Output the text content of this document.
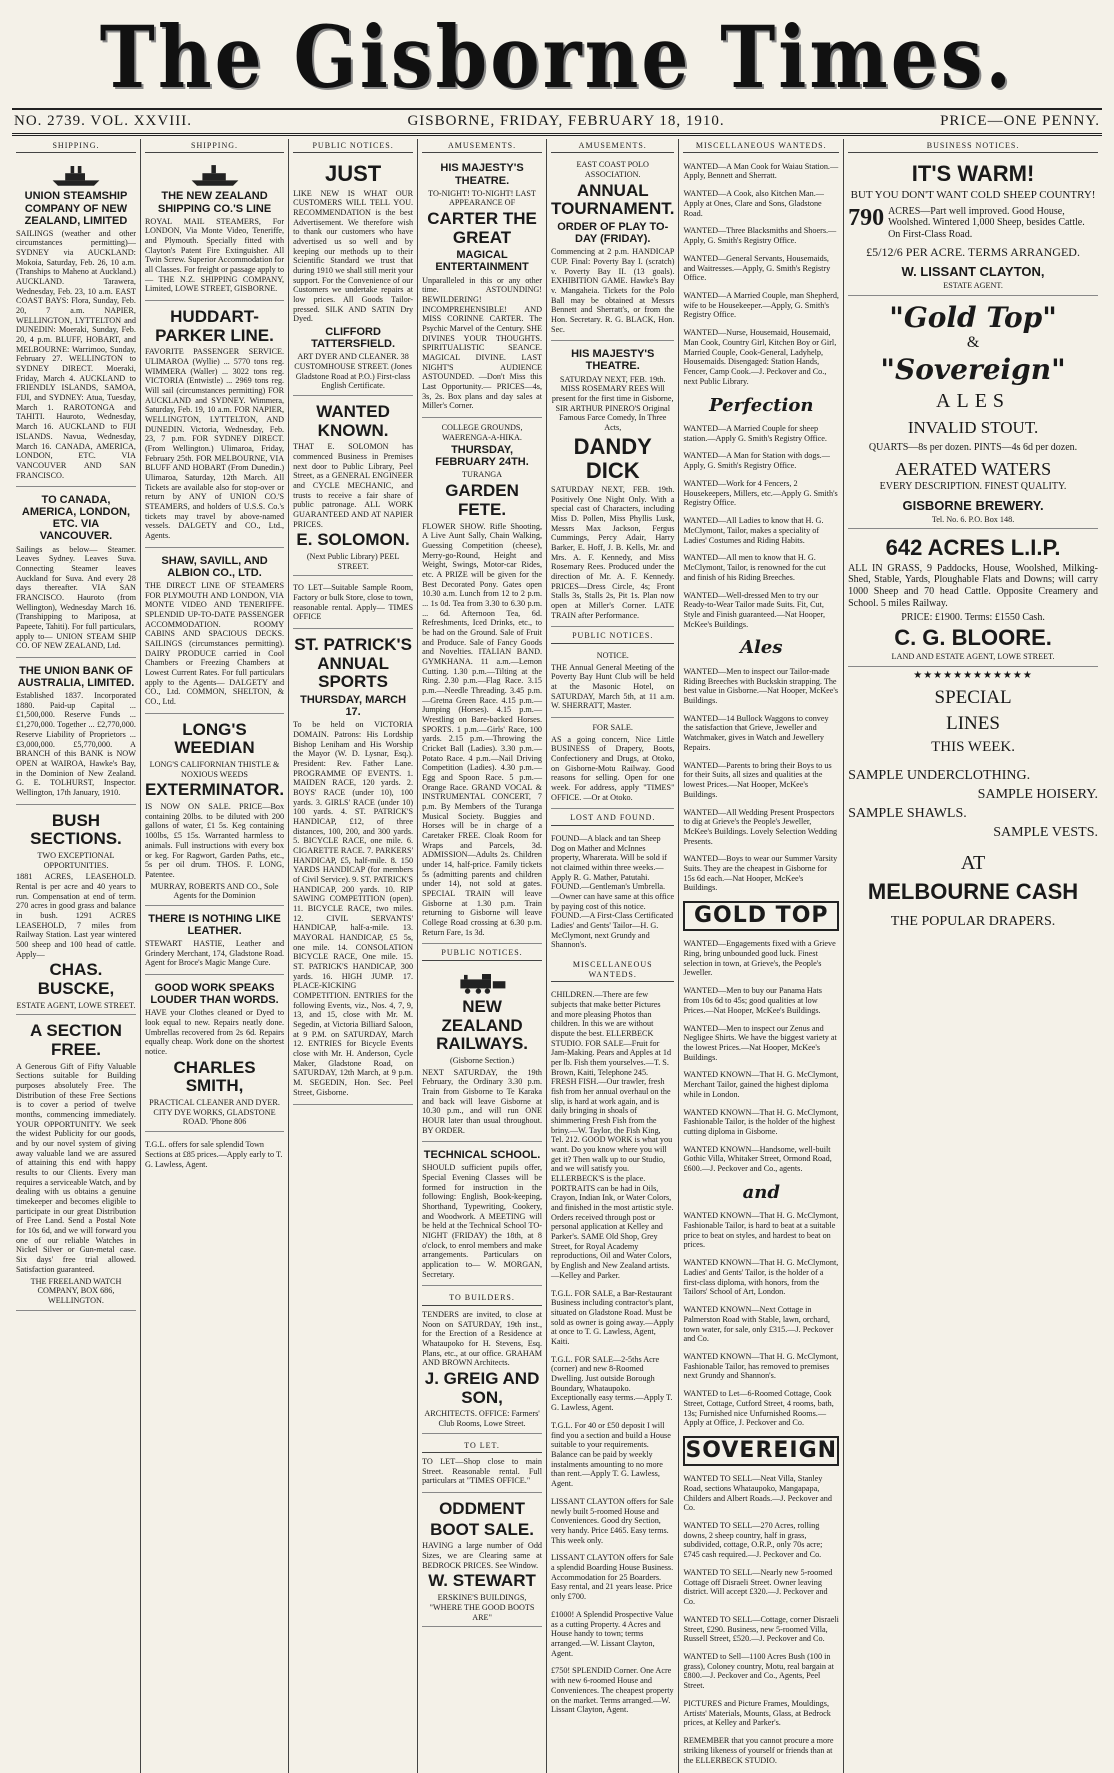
The Gisborne Times.
NO. 2739. VOL. XXVIII.	GISBORNE, FRIDAY, FEBRUARY 18, 1910.	PRICE—ONE PENNY.
SHIPPING.
UNION STEAMSHIP COMPANY OF NEW ZEALAND, LIMITED

SAILINGS (weather and other circumstances permitting)— SYDNEY via AUCKLAND: Mokoia, Saturday, Feb. 26, 10 a.m. (Tranships to Maheno at Auckland.) AUCKLAND. Tarawera, Wednesday, Feb. 23, 10 a.m. EAST COAST BAYS: Flora, Sunday, Feb. 20, 7 a.m. NAPIER, WELLINGTON, LYTTELTON and DUNEDIN: Moeraki, Sunday, Feb. 20, 4 p.m. BLUFF, HOBART, and MELBOURNE: Warrimoo, Sunday, February 27. WELLINGTON to SYDNEY DIRECT. Moeraki, Friday, March 4. AUCKLAND to FRIENDLY ISLANDS, SAMOA, FIJI, and SYDNEY: Atua, Tuesday, March 1. RAROTONGA and TAHITI. Hauroto, Wednesday, March 16. AUCKLAND to FIJI ISLANDS. Navua, Wednesday, March 16. CANADA, AMERICA, LONDON, ETC. VIA VANCOUVER AND SAN FRANCISCO.

TO CANADA, AMERICA, LONDON, ETC. VIA VANCOUVER.

Sailings as below— Steamer. Leaves Sydney. Leaves Suva. Connecting Steamer leaves Auckland for Suva. And every 28 days thereafter. VIA SAN FRANCISCO. Hauroto (from Wellington), Wednesday March 16. (Transhipping to Mariposa, at Papeete, Tahiti). For full particulars, apply to— UNION STEAM SHIP CO. OF NEW ZEALAND, Ltd.

THE UNION BANK OF AUSTRALIA, LIMITED.

Established 1837. Incorporated 1880. Paid-up Capital ... £1,500,000. Reserve Funds ... £1,270,000. Together ... £2,770,000. Reserve Liability of Proprietors ... £3,000,000. £5,770,000. A BRANCH of this BANK is NOW OPEN at WAIROA, Hawke's Bay, in the Dominion of New Zealand. G. E. TOLHURST, Inspector. Wellington, 17th January, 1910.

BUSH SECTIONS.
TWO EXCEPTIONAL OPPORTUNITIES.

1881 ACRES, LEASEHOLD. Rental is per acre and 40 years to run. Compensation at end of term. 270 acres in good grass and balance in bush. 1291 ACRES LEASEHOLD, 7 miles from Railway Station. Last year wintered 500 sheep and 100 head of cattle. Apply—

CHAS. BUSCKE,
ESTATE AGENT, LOWE STREET.
A SECTION FREE.

A Generous Gift of Fifty Valuable Sections suitable for Building purposes absolutely Free. The Distribution of these Free Sections is to cover a period of twelve months, commencing immediately. YOUR OPPORTUNITY. We seek the widest Publicity for our goods, and by our novel system of giving away valuable land we are assured of attaining this end with happy results to our Clients. Every man requires a serviceable Watch, and by dealing with us obtains a genuine timekeeper and becomes eligible to participate in our great Distribution of Free Land. Send a Postal Note for 10s 6d, and we will forward you one of our reliable Watches in Nickel Silver or Gun-metal case. Six days' free trial allowed. Satisfaction guaranteed.

THE FREELAND WATCH COMPANY, BOX 686, WELLINGTON.
SHIPPING.
THE NEW ZEALAND SHIPPING CO.'S LINE

ROYAL MAIL STEAMERS, For LONDON, Via Monte Video, Teneriffe, and Plymouth. Specially fitted with Clayton's Patent Fire Extinguisher. All Twin Screw. Superior Accommodation for all Classes. For freight or passage apply to— THE N.Z. SHIPPING COMPANY, Limited, LOWE STREET, GISBORNE.

HUDDART-PARKER LINE.

FAVORITE PASSENGER SERVICE. ULIMAROA (Wyllie) ... 5770 tons reg. WIMMERA (Waller) ... 3022 tons reg. VICTORIA (Entwistle) ... 2969 tons reg. Will sail (circumstances permitting) FOR AUCKLAND and SYDNEY. Wimmera, Saturday, Feb. 19, 10 a.m. FOR NAPIER, WELLINGTON, LYTTELTON, AND DUNEDIN. Victoria, Wednesday, Feb. 23, 7 p.m. FOR SYDNEY DIRECT. (From Wellington.) Ulimaroa, Friday, February 25th. FOR MELBOURNE, VIA BLUFF AND HOBART (From Dunedin.) Ulimaroa, Saturday, 12th March. All Tickets are available also for stop-over or return by ANY of UNION CO.'S STEAMERS, and holders of U.S.S. Co.'s tickets may travel by above-named vessels. DALGETY and CO., Ltd., Agents.

SHAW, SAVILL, AND ALBION CO., LTD.

THE DIRECT LINE OF STEAMERS FOR PLYMOUTH AND LONDON, VIA MONTE VIDEO AND TENERIFFE. SPLENDID UP-TO-DATE PASSENGER ACCOMMODATION. ROOMY CABINS AND SPACIOUS DECKS. SAILINGS (circumstances permitting). DAIRY PRODUCE carried in Cool Chambers or Freezing Chambers at Lowest Current Rates. For full particulars apply to the Agents— DALGETY and CO., Ltd. COMMON, SHELTON, & CO., Ltd.

LONG'S WEEDIAN
LONG'S CALIFORNIAN THISTLE & NOXIOUS WEEDS
EXTERMINATOR.

IS NOW ON SALE. PRICE—Box containing 20lbs. to be diluted with 200 gallons of water, £1 5s. Keg containing 100lbs, £5 15s. Warranted harmless to animals. Full instructions with every box or keg. For Ragwort, Garden Paths, etc., 5s per oil drum. THOS. F. LONG, Patentee.

MURRAY, ROBERTS AND CO., Sole Agents for the Dominion
THERE IS NOTHING LIKE LEATHER.

STEWART HASTIE, Leather and Grindery Merchant, 174, Gladstone Road. Agent for Broce's Magic Mange Cure.

GOOD WORK SPEAKS LOUDER THAN WORDS.

HAVE your Clothes cleaned or Dyed to look equal to new. Repairs neatly done. Umbrellas recovered from 2s 6d. Repairs equally cheap. Work done on the shortest notice.

CHARLES SMITH,
PRACTICAL CLEANER AND DYER. CITY DYE WORKS, GLADSTONE ROAD. 'Phone 806

T.G.L. offers for sale splendid Town Sections at £85 prices.—Apply early to T. G. Lawless, Agent.

PUBLIC NOTICES.
JUST

LIKE NEW IS WHAT OUR CUSTOMERS WILL TELL YOU. RECOMMENDATION is the best Advertisement. We therefore wish to thank our customers who have advertised us so well and by keeping our methods up to their Scientific Standard we trust that during 1910 we shall still merit your support. For the Convenience of our Customers we undertake repairs at low prices. All Goods Tailor-pressed. SILK AND SATIN Dry Dyed.

CLIFFORD TATTERSFIELD.
ART DYER AND CLEANER. 38 CUSTOMHOUSE STREET. (Jones Gladstone Road at P.O.) First-class English Certificate.
WANTED KNOWN.

THAT E. SOLOMON has commenced Business in Premises next door to Public Library, Peel Street, as a GENERAL ENGINEER and CYCLE MECHANIC, and trusts to receive a fair share of public patronage. ALL WORK GUARANTEED AND AT NAPIER PRICES.

E. SOLOMON.
(Next Public Library) PEEL STREET.

TO LET—Suitable Sample Room, Factory or bulk Store, close to town, reasonable rental. Apply— TIMES OFFICE

ST. PATRICK'S ANNUAL SPORTS
THURSDAY, MARCH 17.

To be held on VICTORIA DOMAIN. Patrons: His Lordship Bishop Leniham and His Worship the Mayor (W. D. Lysnar, Esq.). President: Rev. Father Lane. PROGRAMME OF EVENTS. 1. MAIDEN RACE, 120 yards. 2. BOYS' RACE (under 10), 100 yards. 3. GIRLS' RACE (under 10) 100 yards. 4. ST. PATRICK'S HANDICAP, £12, of three distances, 100, 200, and 300 yards. 5. BICYCLE RACE, one mile. 6. CIGARETTE RACE. 7. PARKERS' HANDICAP, £5, half-mile. 8. 150 YARDS HANDICAP (for members of Civil Service). 9. ST. PATRICK'S HANDICAP, 200 yards. 10. RIP SAWING COMPETITION (open). 11. BICYCLE RACE, two miles. 12. CIVIL SERVANTS' HANDICAP, half-a-mile. 13. MAYORAL HANDICAP, £5 5s, one mile. 14. CONSOLATION BICYCLE RACE, One mile. 15. ST. PATRICK'S HANDICAP, 300 yards. 16. HIGH JUMP. 17. PLACE-KICKING COMPETITION. ENTRIES for the following Events, viz., Nos. 4, 7, 9, 13, and 15, close with Mr. M. Segedin, at Victoria Billiard Saloon, at 9 P.M. on SATURDAY, March 12. ENTRIES for Bicycle Events close with Mr. H. Anderson, Cycle Maker, Gladstone Road, on SATURDAY, 12th March, at 9 p.m. M. SEGEDIN, Hon. Sec. Peel Street, Gisborne.

AMUSEMENTS.
HIS MAJESTY'S THEATRE.
TO-NIGHT! TO-NIGHT! LAST APPEARANCE OF
CARTER THE GREAT
MAGICAL ENTERTAINMENT

Unparalleled in this or any other time. ASTOUNDING! BEWILDERING! INCOMPREHENSIBLE! AND MISS CORINNE CARTER. The Psychic Marvel of the Century. SHE DIVINES YOUR THOUGHTS. SPIRITUALISTIC SEANCE. MAGICAL DIVINE. LAST NIGHT'S AUDIENCE ASTOUNDED. —Don't Miss this Last Opportunity.— PRICES—4s, 3s, 2s. Box plans and day sales at Miller's Corner.

COLLEGE GROUNDS, WAERENGA-A-HIKA.
THURSDAY, FEBRUARY 24TH.
TURANGA
GARDEN FETE.

FLOWER SHOW. Rifle Shooting, A Live Aunt Sally, Chain Walking, Guessing Competition (cheese), Merry-go-Round, Height and Weight, Swings, Motor-car Rides, etc. A PRIZE will be given for the Best Decorated Pony. Gates open 10.30 a.m. Lunch from 12 to 2 p.m. ... 1s 0d. Tea from 3.30 to 6.30 p.m. ... 6d. Afternoon Tea, 6d. Refreshments, Iced Drinks, etc., to be had on the Ground. Sale of Fruit and Produce. Sale of Fancy Goods and Novelties. ITALIAN BAND. GYMKHANA. 11 a.m.—Lemon Cutting. 1.30 p.m.—Tilting at the Ring. 2.30 p.m.—Flag Race. 3.15 p.m.—Needle Threading. 3.45 p.m.—Gretna Green Race. 4.15 p.m.—Jumping (Horses). 4.15 p.m.—Wrestling on Bare-backed Horses. SPORTS. 1 p.m.—Girls' Race, 100 yards. 2.15 p.m.—Throwing the Cricket Ball (Ladies). 3.30 p.m.—Potato Race. 4 p.m.—Nail Driving Competition (Ladies). 4.30 p.m.—Egg and Spoon Race. 5 p.m.—Orange Race. GRAND VOCAL & INSTRUMENTAL CONCERT, 7 p.m. By Members of the Turanga Musical Society. Buggies and Horses will be in charge of a Caretaker FREE. Cloak Room for Wraps and Parcels, 3d. ADMISSION—Adults 2s. Children under 14, half-price. Family tickets 5s (admitting parents and children under 14), not sold at gates. SPECIAL TRAIN will leave Gisborne at 1.30 p.m. Train returning to Gisborne will leave College Road crossing at 6.30 p.m. Return Fare, 1s 3d.

PUBLIC NOTICES.
NEW ZEALAND RAILWAYS.
(Gisborne Section.)

NEXT SATURDAY, the 19th February, the Ordinary 3.30 p.m. Train from Gisborne to Te Karaka and back will leave Gisborne at 10.30 p.m., and will run ONE HOUR later than usual throughout. BY ORDER.

TECHNICAL SCHOOL.

SHOULD sufficient pupils offer, Special Evening Classes will be formed for instruction in the following: English, Book-keeping, Shorthand, Typewriting, Cookery, and Woodwork. A MEETING will be held at the Technical School TO-NIGHT (FRIDAY) the 18th, at 8 o'clock, to enrol members and make arrangements. Particulars on application to— W. MORGAN, Secretary.

TO BUILDERS.

TENDERS are invited, to close at Noon on SATURDAY, 19th inst., for the Erection of a Residence at Whataupoko for H. Stevens, Esq. Plans, etc., at our office. GRAHAM AND BROWN Architects.

J. GREIG AND SON,
ARCHITECTS. OFFICE: Farmers' Club Rooms, Lowe Street.
TO LET.

TO LET—Shop close to main Street. Reasonable rental. Full particulars at "TIMES OFFICE."

ODDMENT
BOOT SALE.

HAVING a large number of Odd Sizes, we are Clearing same at BEDROCK PRICES. See Window.

W. STEWART
ERSKINE'S BUILDINGS, "WHERE THE GOOD BOOTS ARE"
AMUSEMENTS.
EAST COAST POLO ASSOCIATION.
ANNUAL TOURNAMENT.
ORDER OF PLAY TO-DAY (FRIDAY).

Commencing at 2 p.m. HANDICAP CUP. Final: Poverty Bay I. (scratch) v. Poverty Bay II. (13 goals). EXHIBITION GAME. Hawke's Bay v. Mangaheia. Tickets for the Polo Ball may be obtained at Messrs Bennett and Sherratt's, or from the Hon. Secretary. R. G. BLACK, Hon. Sec.

HIS MAJESTY'S THEATRE.

SATURDAY NEXT, FEB. 19th. MISS ROSEMARY REES Will present for the first time in Gisborne, SIR ARTHUR PINERO'S Original Famous Farce Comedy, In Three Acts,

DANDY DICK

SATURDAY NEXT, FEB. 19th. Positively One Night Only. With a special cast of Characters, including Miss D. Pollen, Miss Phyllis Lusk, Messrs Max Jackson, Fergus Cummings, Percy Adair, Harry Barker, E. Hoff, J. B. Kells, Mr. and Mrs. A. F. Kennedy, and Miss Rosemary Rees. Produced under the direction of Mr. A. F. Kennedy. PRICES—Dress Circle, 4s; Front Stalls 3s, Stalls 2s, Pit 1s. Plan now open at Miller's Corner. LATE TRAIN after Performance.

PUBLIC NOTICES.
NOTICE.

THE Annual General Meeting of the Poverty Bay Hunt Club will be held at the Masonic Hotel, on SATURDAY, March 5th, at 11 a.m. W. SHERRATT, Master.

FOR SALE.

AS a going concern, Nice Little BUSINESS of Drapery, Boots, Confectionery and Drugs, at Otoko, on Gisborne-Motu Railway. Good reasons for selling. Open for one week. For address, apply "TIMES" OFFICE. —Or at Otoko.

LOST AND FOUND.

FOUND—A black and tan Sheep Dog on Mather and McInnes property, Wharerata. Will be sold if not claimed within three weeks.—Apply R. G. Mather, Patutahi. FOUND.—Gentleman's Umbrella. —Owner can have same at this office by paying cost of this notice. FOUND.—A First-Class Certificated Ladies' and Gents' Tailor—H. G. McClymont, next Grundy and Shannon's.

MISCELLANEOUS WANTEDS.

CHILDREN.—There are few subjects that make better Pictures and more pleasing Photos than children. In this we are without dispute the best. ELLERBECK STUDIO. FOR SALE—Fruit for Jam-Making. Pears and Apples at 1d per lb. Fish them yourselves.—T. S. Brown, Kaiti, Telephone 245. FRESH FISH.—Our trawler, fresh fish from her annual overhaul on the slip, is hard at work again, and is daily bringing in shoals of shimmering Fresh Fish from the briny.—W. Taylor, the Fish King, Tel. 212. GOOD WORK is what you want. Do you know where you will get it? Then walk up to our Studio, and we will satisfy you. ELLERBECK'S is the place. PORTRAITS can be had in Oils, Crayon, Indian Ink, or Water Colors, and finished in the most artistic style. Orders received through post or personal application at Kelley and Parker's. SAME Old Shop, Grey Street, for Royal Academy reproductions, Oil and Water Colors, by English and New Zealand artists.—Kelley and Parker.

T.G.L. FOR SALE, a Bar-Restaurant Business including contractor's plant, situated on Gladstone Road. Must be sold as owner is going away.—Apply at once to T. G. Lawless, Agent, Kaiti.

T.G.L. FOR SALE—2-5ths Acre (corner) and new 8-Roomed Dwelling. Just outside Borough Boundary, Whataupoko. Exceptionally easy terms.—Apply T. G. Lawless, Agent.

T.G.L. For 40 or £50 deposit I will find you a section and build a House suitable to your requirements. Balance can be paid by weekly instalments amounting to no more than rent.—Apply T. G. Lawless, Agent.

LISSANT CLAYTON offers for Sale newly built 5-roomed House and Conveniences. Good dry Section, very handy. Price £465. Easy terms. This week only.

LISSANT CLAYTON offers for Sale a splendid Boarding House Business. Accommodation for 25 Boarders. Easy rental, and 21 years lease. Price only £700.

£1000! A Splendid Prospective Value as a cutting Property. 4 Acres and House handy to town; terms arranged.—W. Lissant Clayton, Agent.

£750! SPLENDID Corner. One Acre with new 6-roomed House and Conveniences. The cheapest property on the market. Terms arranged.—W. Lissant Clayton, Agent.

MISCELLANEOUS WANTEDS.

WANTED—A Man Cook for Waiau Station.—Apply, Bennett and Sherratt.

WANTED—A Cook, also Kitchen Man.—Apply at Ones, Clare and Sons, Gladstone Road.

WANTED—Three Blacksmiths and Shoers.—Apply, G. Smith's Registry Office.

WANTED—General Servants, Housemaids, and Waitresses.—Apply, G. Smith's Registry Office.

WANTED—A Married Couple, man Shepherd, wife to be Housekeeper.—Apply, G. Smith's Registry Office.

WANTED—Nurse, Housemaid, Housemaid, Man Cook, Country Girl, Kitchen Boy or Girl, Married Couple, Cook-General, Ladyhelp, Housemaids. Disengaged: Station Hands, Fencer, Camp Cook.—J. Peckover and Co., next Public Library.

Perfection

WANTED—A Married Couple for sheep station.—Apply G. Smith's Registry Office.

WANTED—A Man for Station with dogs.—Apply, G. Smith's Registry Office.

WANTED—Work for 4 Fencers, 2 Housekeepers, Millers, etc.—Apply G. Smith's Registry Office.

WANTED—All Ladies to know that H. G. McClymont, Tailor, makes a speciality of Ladies' Costumes and Riding Habits.

WANTED—All men to know that H. G. McClymont, Tailor, is renowned for the cut and finish of his Riding Breeches.

WANTED—Well-dressed Men to try our Ready-to-Wear Tailor made Suits. Fit, Cut, Style and Finish guaranteed.—Nat Hooper, McKee's Buildings.

Ales

WANTED—Men to inspect our Tailor-made Riding Breeches with Buckskin strapping. The best value in Gisborne.—Nat Hooper, McKee's Buildings.

WANTED—14 Bullock Waggons to convey the satisfaction that Grieve, Jeweller and Watchmaker, gives in Watch and Jewellery Repairs.

WANTED—Parents to bring their Boys to us for their Suits, all sizes and qualities at the lowest Prices.—Nat Hooper, McKee's Buildings.

WANTED—All Wedding Present Prospectors to dig at Grieve's the People's Jeweller, McKee's Buildings. Lovely Selection Wedding Presents.

WANTED—Boys to wear our Summer Varsity Suits. They are the cheapest in Gisborne for 15s 6d each.—Nat Hooper, McKee's Buildings.

GOLD TOP

WANTED—Engagements fixed with a Grieve Ring, bring unbounded good luck. Finest selection in town, at Grieve's, the People's Jeweller.

WANTED—Men to buy our Panama Hats from 10s 6d to 45s; good qualities at low Prices.—Nat Hooper, McKee's Buildings.

WANTED—Men to inspect our Zenus and Negligee Shirts. We have the biggest variety at the lowest Prices.—Nat Hooper, McKee's Buildings.

WANTED KNOWN—That H. G. McClymont, Merchant Tailor, gained the highest diploma while in London.

WANTED KNOWN—That H. G. McClymont, Fashionable Tailor, is the holder of the highest cutting diploma in Gisborne.

WANTED KNOWN—Handsome, well-built Gothic Villa, Whitaker Street, Ormond Road, £600.—J. Peckover and Co., agents.

and

WANTED KNOWN—That H. G. McClymont, Fashionable Tailor, is hard to beat at a suitable price to beat on styles, and hardest to beat on prices.

WANTED KNOWN—That H. G. McClymont, Ladies' and Gents' Tailor, is the holder of a first-class diploma, with honors, from the Tailors' School of Art, London.

WANTED KNOWN—Next Cottage in Palmerston Road with Stable, lawn, orchard, town water, for sale, only £315.—J. Peckover and Co.

WANTED KNOWN—That H. G. McClymont, Fashionable Tailor, has removed to premises next Grundy and Shannon's.

WANTED to Let—6-Roomed Cottage, Cook Street, Cottage, Cutford Street, 4 rooms, bath, 13s; Furnished nice Unfurnished Rooms.—Apply at Office, J. Peckover and Co.

SOVEREIGN

WANTED TO SELL—Neat Villa, Stanley Road, sections Whataupoko, Mangapapa, Childers and Albert Roads.—J. Peckover and Co.

WANTED TO SELL—270 Acres, rolling downs, 2 sheep country, half in grass, subdivided, cottage, O.R.P., only 70s acre; £745 cash required.—J. Peckover and Co.

WANTED TO SELL—Nearly new 5-roomed Cottage off Disraeli Street. Owner leaving district. Will accept £320.—J. Peckover and Co.

WANTED TO SELL—Cottage, corner Disraeli Street, £290. Business, new 5-roomed Villa, Russell Street, £520.—J. Peckover and Co.

WANTED to Sell—1100 Acres Bush (100 in grass), Coloney country, Motu, real bargain at £800.—J. Peckover and Co., Agents, Peel Street.

PICTURES and Picture Frames, Mouldings, Artists' Materials, Mounts, Glass, at Bedrock prices, at Kelley and Parker's.

REMEMBER that you cannot procure a more striking likeness of yourself or friends than at the ELLERBECK STUDIO.

BUSINESS NOTICES.
IT'S WARM!
BUT YOU DON'T WANT COLD SHEEP COUNTRY!
790 ACRES—Part well improved. Good House, Woolshed. Wintered 1,000 Sheep, besides Cattle. On First-Class Road.
£5/12/6 PER ACRE. TERMS ARRANGED.
W. LISSANT CLAYTON,
ESTATE AGENT.
"Gold Top"
&
"Sovereign"
ALES
INVALID STOUT.
QUARTS—8s per dozen. PINTS—4s 6d per dozen.
AERATED WATERS
EVERY DESCRIPTION. FINEST QUALITY.
GISBORNE BREWERY.
Tel. No. 6. P.O. Box 148.
642 ACRES L.I.P.

ALL IN GRASS, 9 Paddocks, House, Woolshed, Milking-Shed, Stable, Yards, Ploughable Flats and Downs; will carry 1000 Sheep and 70 head Cattle. Opposite Creamery and School. 5 miles Railway.

PRICE: £1900. Terms: £1550 Cash.
C. G. BLOORE.
LAND AND ESTATE AGENT, LOWE STREET.
★★★★★★★★★★★★
SPECIAL
LINES
THIS WEEK.
SAMPLE UNDERCLOTHING.
SAMPLE HOISERY.
SAMPLE SHAWLS.
SAMPLE VESTS.
AT
MELBOURNE CASH
THE POPULAR DRAPERS.
